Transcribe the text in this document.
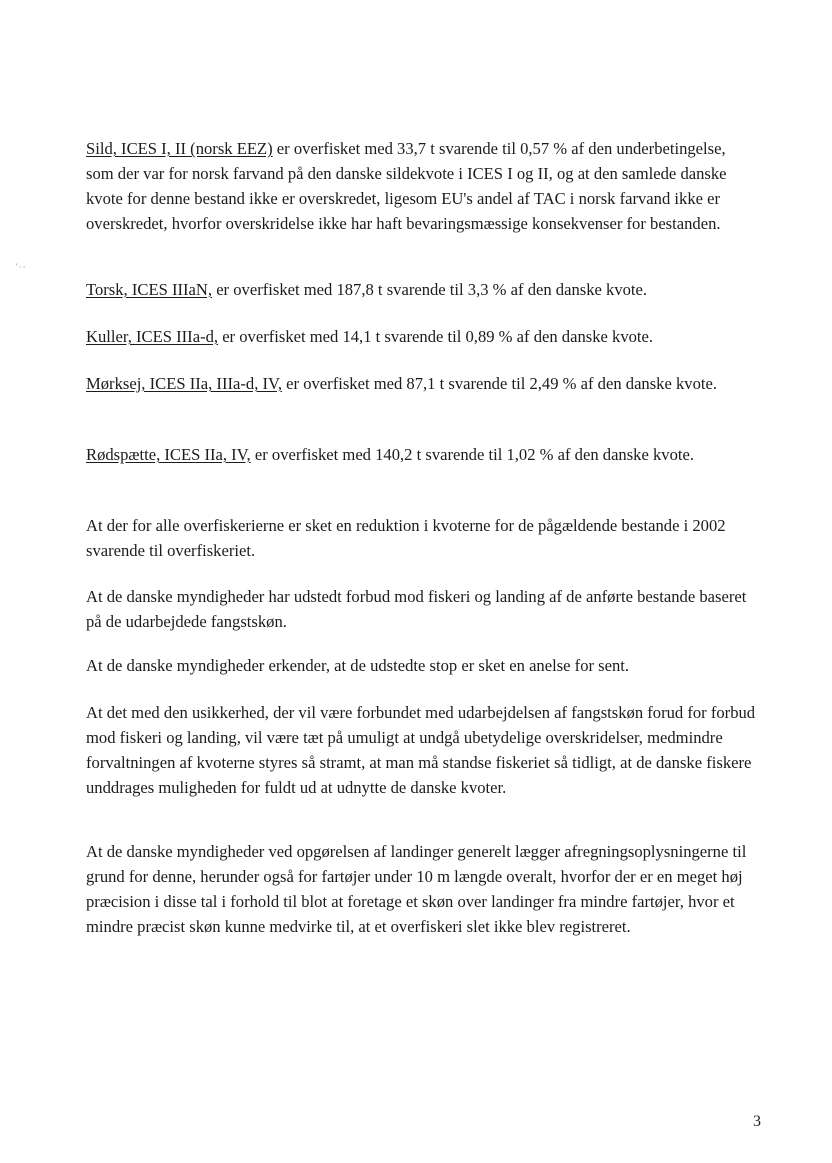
'··

Sild, ICES I, II (norsk EEZ) er overfisket med 33,7 t svarende til 0,57 % af den underbetingelse, som der var for norsk farvand på den danske sildekvote i ICES I og II, og at den samlede danske kvote for denne bestand ikke er overskredet, ligesom EU's andel af TAC i norsk farvand ikke er overskredet, hvorfor overskridelse ikke har haft bevaringsmæssige konsekvenser for bestanden.

Torsk, ICES IIIaN, er overfisket med 187,8 t svarende til 3,3 % af den danske kvote.

Kuller, ICES IIIa-d, er overfisket med 14,1 t svarende til 0,89 % af den danske kvote.

Mørksej, ICES IIa, IIIa-d, IV, er overfisket med 87,1 t svarende til 2,49 % af den danske kvote.

Rødspætte, ICES IIa, IV, er overfisket med 140,2 t svarende til 1,02 % af den danske kvote.

At der for alle overfiskerierne er sket en reduktion i kvoterne for de pågældende bestande i 2002 svarende til overfiskeriet.

At de danske myndigheder har udstedt forbud mod fiskeri og landing af de anførte bestande baseret på de udarbejdede fangstskøn.

At de danske myndigheder erkender, at de udstedte stop er sket en anelse for sent.

At det med den usikkerhed, der vil være forbundet med udarbejdelsen af fangstskøn forud for forbud mod fiskeri og landing, vil være tæt på umuligt at undgå ubetydelige overskridelser, medmindre forvaltningen af kvoterne styres så stramt, at man må standse fiskeriet så tidligt, at de danske fiskere unddrages muligheden for fuldt ud at udnytte de danske kvoter.

At de danske myndigheder ved opgørelsen af landinger generelt lægger afregningsoplysningerne til grund for denne, herunder også for fartøjer under 10 m længde overalt, hvorfor der er en meget høj præcision i disse tal i forhold til blot at foretage et skøn over landinger fra mindre fartøjer, hvor et mindre præcist skøn kunne medvirke til, at et overfiskeri slet ikke blev registreret.

3
